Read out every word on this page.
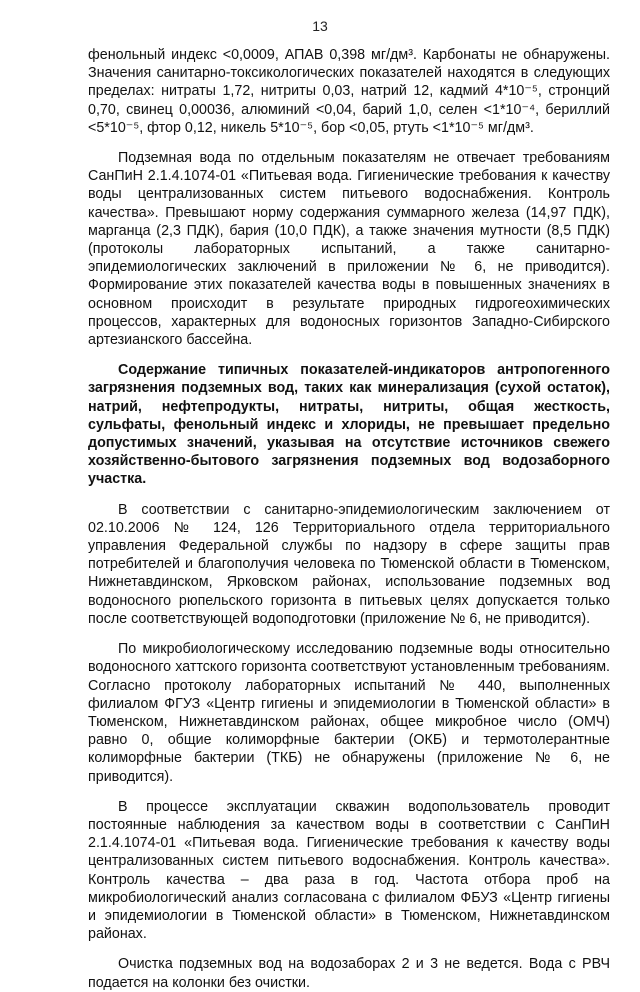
13

фенольный индекс <0,0009, АПАВ 0,398 мг/дм³. Карбонаты не обнаружены. Значения санитарно-токсикологических показателей находятся в следующих пределах: нитраты 1,72, нитриты 0,03, натрий 12, кадмий 4*10⁻⁵, стронций 0,70, свинец 0,00036, алюминий <0,04, барий 1,0, селен <1*10⁻⁴, бериллий <5*10⁻⁵, фтор 0,12, никель 5*10⁻⁵, бор <0,05, ртуть <1*10⁻⁵ мг/дм³.

Подземная вода по отдельным показателям не отвечает требованиям СанПиН 2.1.4.1074-01 «Питьевая вода. Гигиенические требования к качеству воды централизованных систем питьевого водоснабжения. Контроль качества». Превышают норму содержания суммарного железа (14,97 ПДК), марганца (2,3 ПДК), бария (10,0 ПДК), а также значения мутности (8,5 ПДК) (протоколы лабораторных испытаний, а также санитарно-эпидемиологических заключений в приложении № 6, не приводится). Формирование этих показателей качества воды в повышенных значениях в основном происходит в результате природных гидрогеохимических процессов, характерных для водоносных горизонтов Западно-Сибирского артезианского бассейна.

Содержание типичных показателей-индикаторов антропогенного загрязнения подземных вод, таких как минерализация (сухой остаток), натрий, нефтепродукты, нитраты, нитриты, общая жесткость, сульфаты, фенольный индекс и хлориды, не превышает предельно допустимых значений, указывая на отсутствие источников свежего хозяйственно-бытового загрязнения подземных вод водозаборного участка.

В соответствии с санитарно-эпидемиологическим заключением от 02.10.2006 № 124, 126 Территориального отдела территориального управления Федеральной службы по надзору в сфере защиты прав потребителей и благополучия человека по Тюменской области в Тюменском, Нижнетавдинском, Ярковском районах, использование подземных вод водоносного рюпельского горизонта в питьевых целях допускается только после соответствующей водоподготовки (приложение № 6, не приводится).

По микробиологическому исследованию подземные воды относительно водоносного хаттского горизонта соответствуют установленным требованиям. Согласно протоколу лабораторных испытаний № 440, выполненных филиалом ФГУЗ «Центр гигиены и эпидемиологии в Тюменской области» в Тюменском, Нижнетавдинском районах, общее микробное число (ОМЧ) равно 0, общие колиморфные бактерии (ОКБ) и термотолерантные колиморфные бактерии (ТКБ) не обнаружены (приложение № 6, не приводится).

В процессе эксплуатации скважин водопользователь проводит постоянные наблюдения за качеством воды в соответствии с СанПиН 2.1.4.1074-01 «Питьевая вода. Гигиенические требования к качеству воды централизованных систем питьевого водоснабжения. Контроль качества». Контроль качества – два раза в год. Частота отбора проб на микробиологический анализ согласована с филиалом ФБУЗ «Центр гигиены и эпидемиологии в Тюменской области» в Тюменском, Нижнетавдинском районах.

Очистка подземных вод на водозаборах 2 и 3 не ведется. Вода с РВЧ подается на колонки без очистки.
